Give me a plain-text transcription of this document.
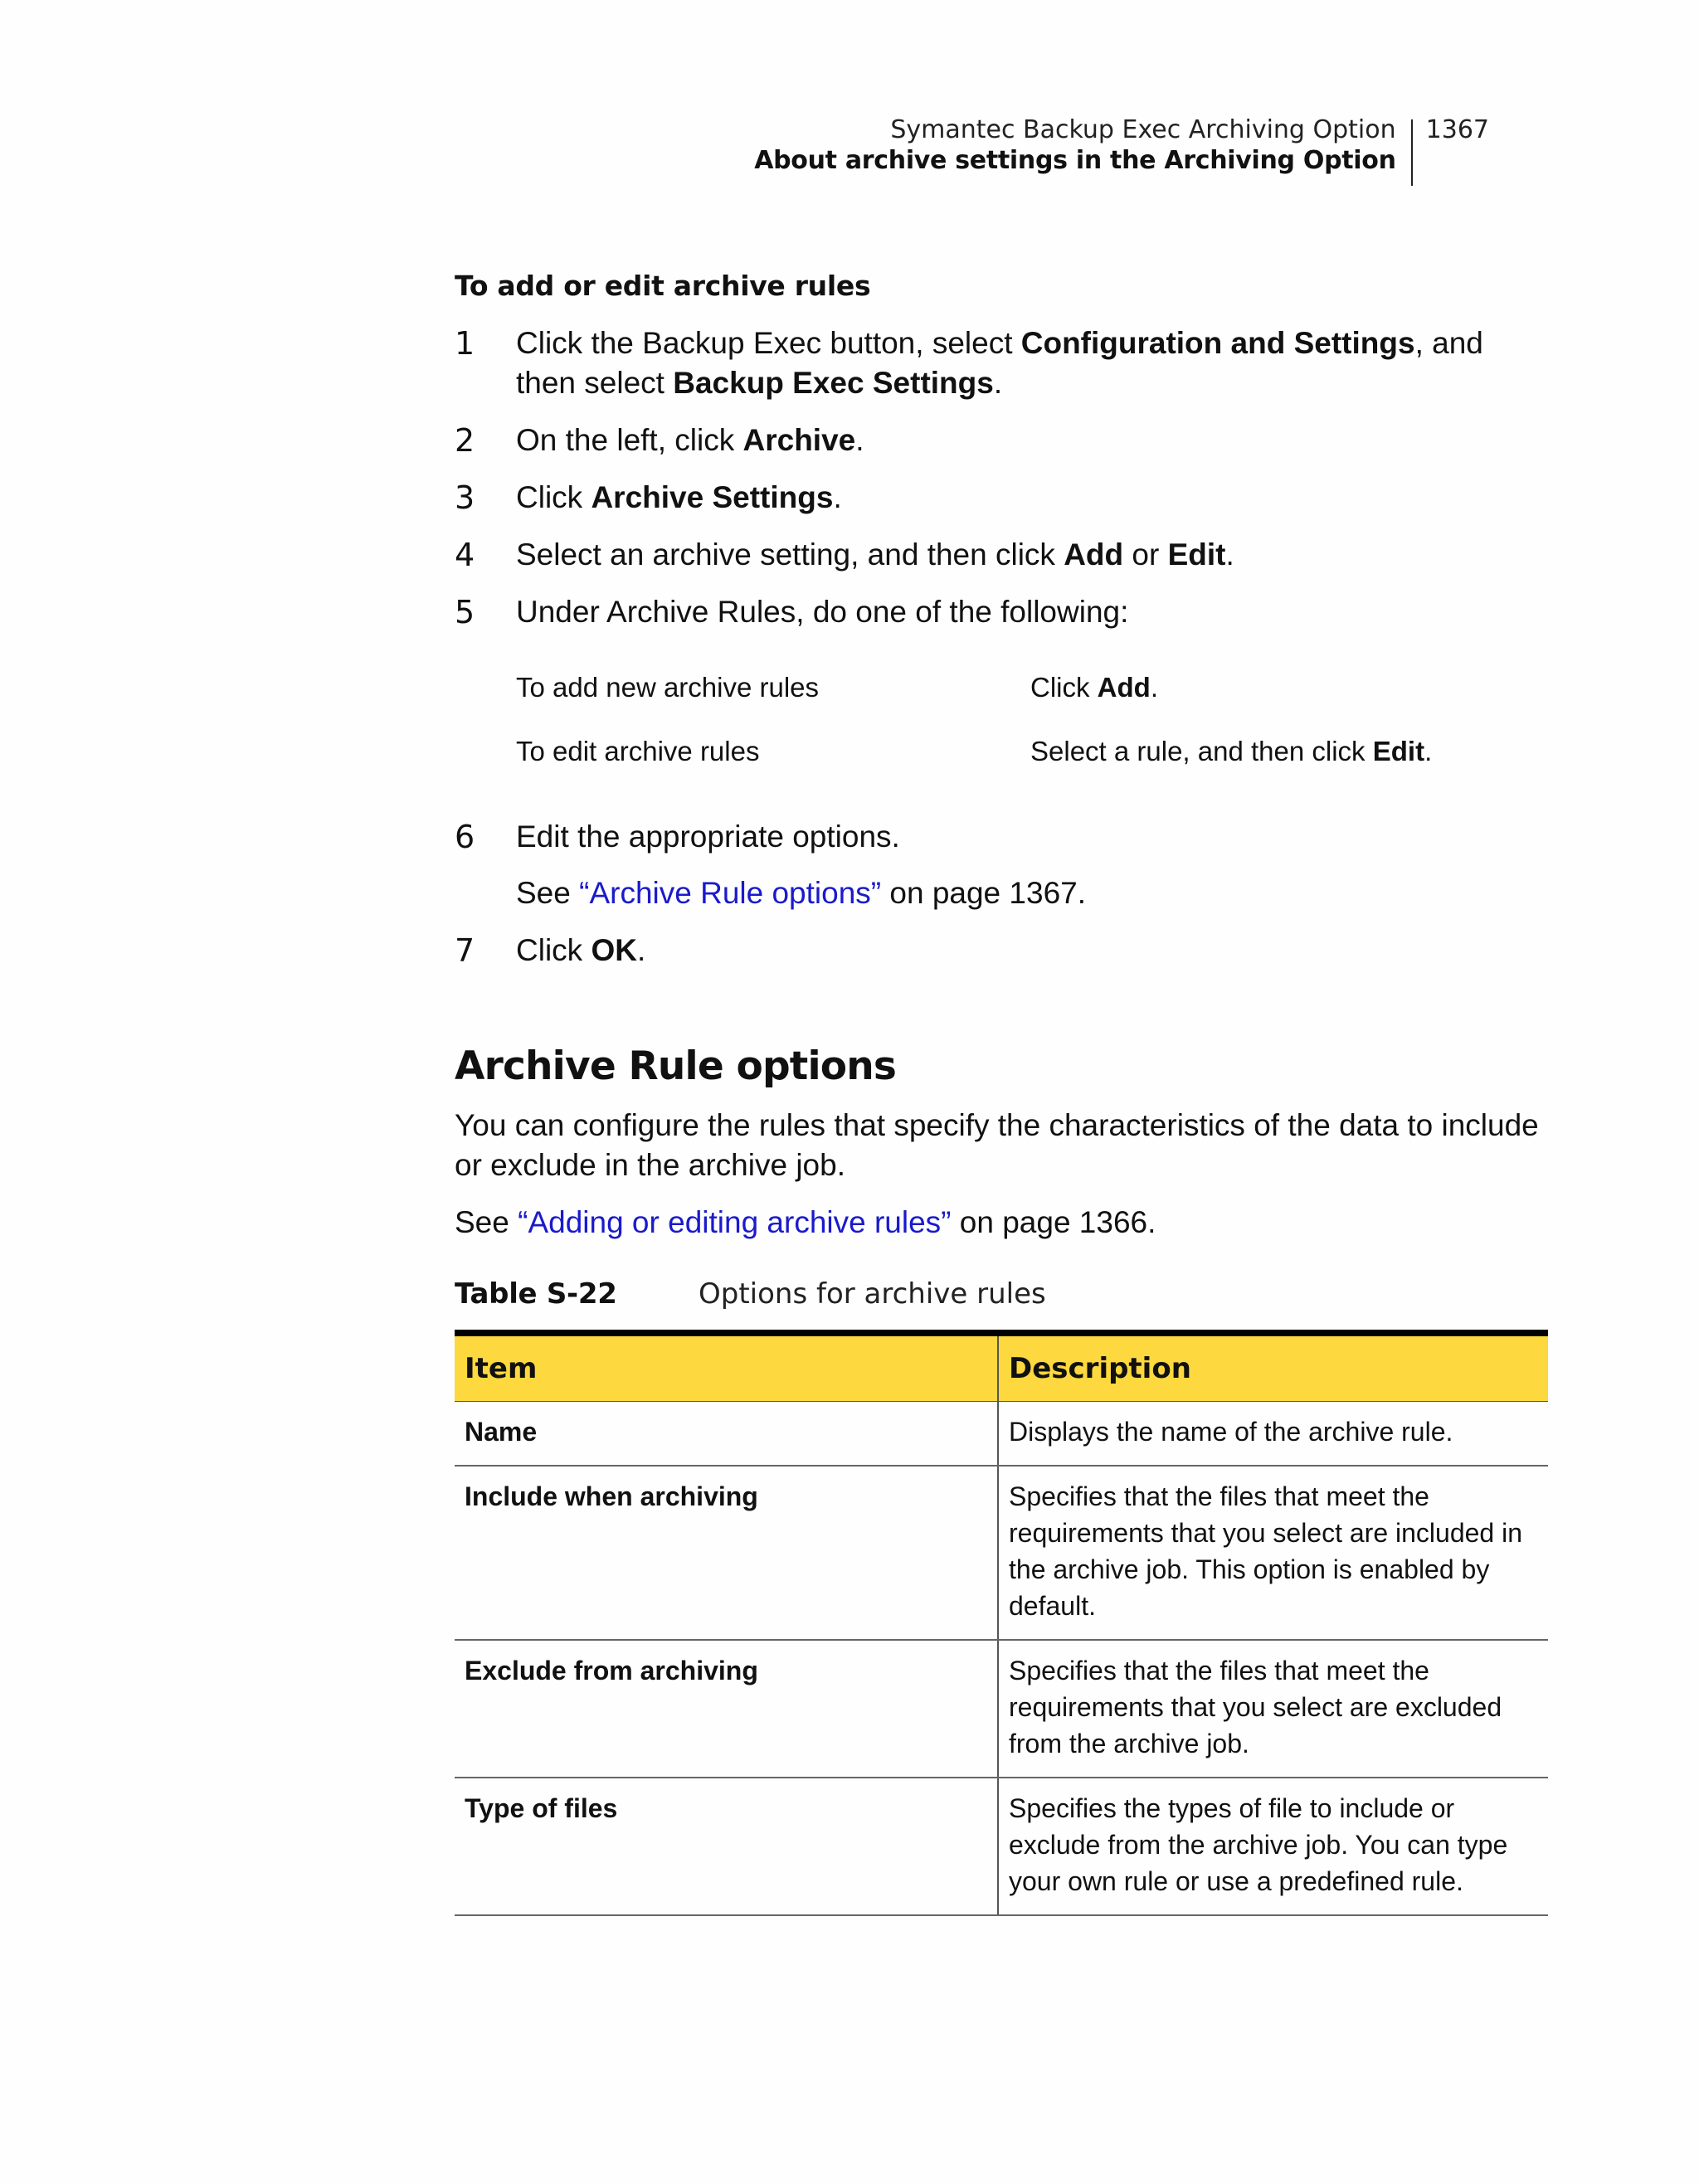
Symantec Backup Exec Archiving Option
About archive settings in the Archiving Option
1367
To add or edit archive rules
1 Click the Backup Exec button, select Configuration and Settings, and then select Backup Exec Settings.
2 On the left, click Archive.
3 Click Archive Settings.
4 Select an archive setting, and then click Add or Edit.
5 Under Archive Rules, do one of the following:
To add new archive rules	Click Add.
To edit archive rules	Select a rule, and then click Edit.
6 Edit the appropriate options.
See “Archive Rule options” on page 1367.
7 Click OK.
Archive Rule options

You can configure the rules that specify the characteristics of the data to include or exclude in the archive job.

See “Adding or editing archive rules” on page 1366.

Table S-22	Options for archive rules
Item	Description
Name	Displays the name of the archive rule.
Include when archiving	Specifies that the files that meet the requirements that you select are included in the archive job. This option is enabled by default.
Exclude from archiving	Specifies that the files that meet the requirements that you select are excluded from the archive job.
Type of files	Specifies the types of file to include or exclude from the archive job. You can type your own rule or use a predefined rule.
